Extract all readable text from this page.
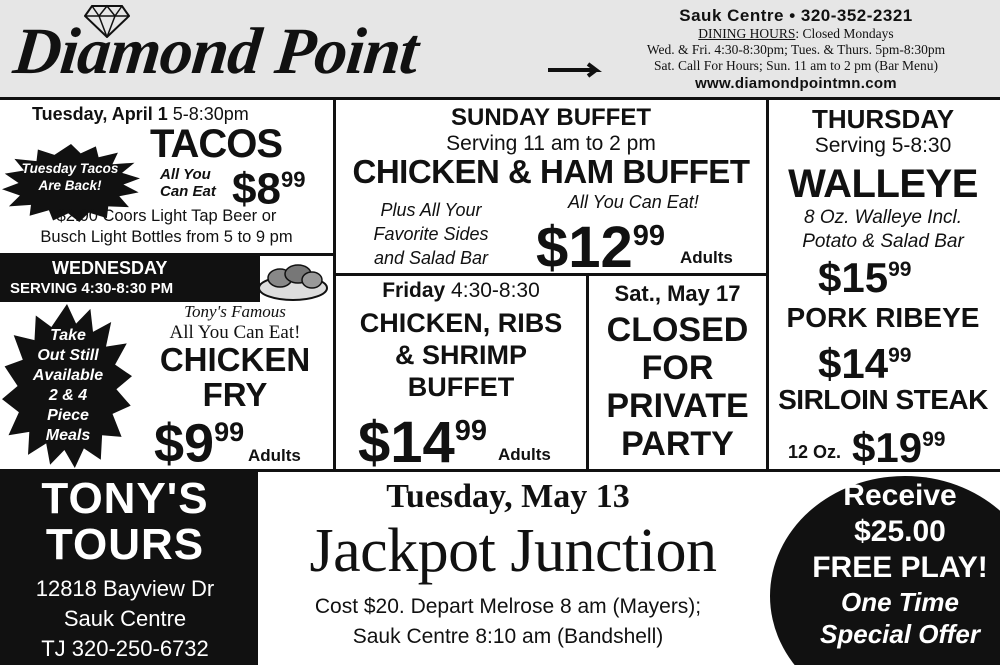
Diamond Point	Sauk Centre • 320-352-2321
DINING HOURS: Closed Mondays
Wed. & Fri. 4:30-8:30pm; Tues. & Thurs. 5pm-8:30pm
Sat. Call For Hours; Sun. 11 am to 2 pm (Bar Menu)
www.diamondpointmn.com
Tuesday, April 1 5-8:30pm
TACOS
Tuesday Tacos Are Back!
All You
Can Eat $\$8^{99}$
$2.00 Coors Light Tap Beer or
Busch Light Bottles from 5 to 9 pm
WEDNESDAY
SERVING 4:30-8:30 PM
Take
Out Still
Available
2 & 4
Piece
Meals
Tony's Famous
All You Can Eat!
CHICKEN
FRY
$\$9^{99}$
Adults
SUNDAY BUFFET
Serving 11 am to 2 pm
CHICKEN & HAM BUFFET
Plus All Your
Favorite Sides
and Salad Bar
All You Can Eat!
$\$12^{99}$
Adults
Friday 4:30-8:30
CHICKEN, RIBS
& SHRIMP
BUFFET
$\$14^{99}$
Adults
Sat., May 17
CLOSED
FOR
PRIVATE
PARTY
THURSDAY
Serving 5-8:30
WALLEYE
8 Oz. Walleye Incl.
Potato & Salad Bar
$\$15^{99}$
PORK RIBEYE
$\$14^{99}$
SIRLOIN STEAK
12 Oz. $\$19^{99}$
TONY'S
TOURS
12818 Bayview Dr
Sauk Centre
TJ 320-250-6732
Tuesday, May 13
Jackpot Junction
Cost $20. Depart Melrose 8 am (Mayers);
Sauk Centre 8:10 am (Bandshell)
Receive
$25.00
FREE PLAY!
One Time
Special Offer
